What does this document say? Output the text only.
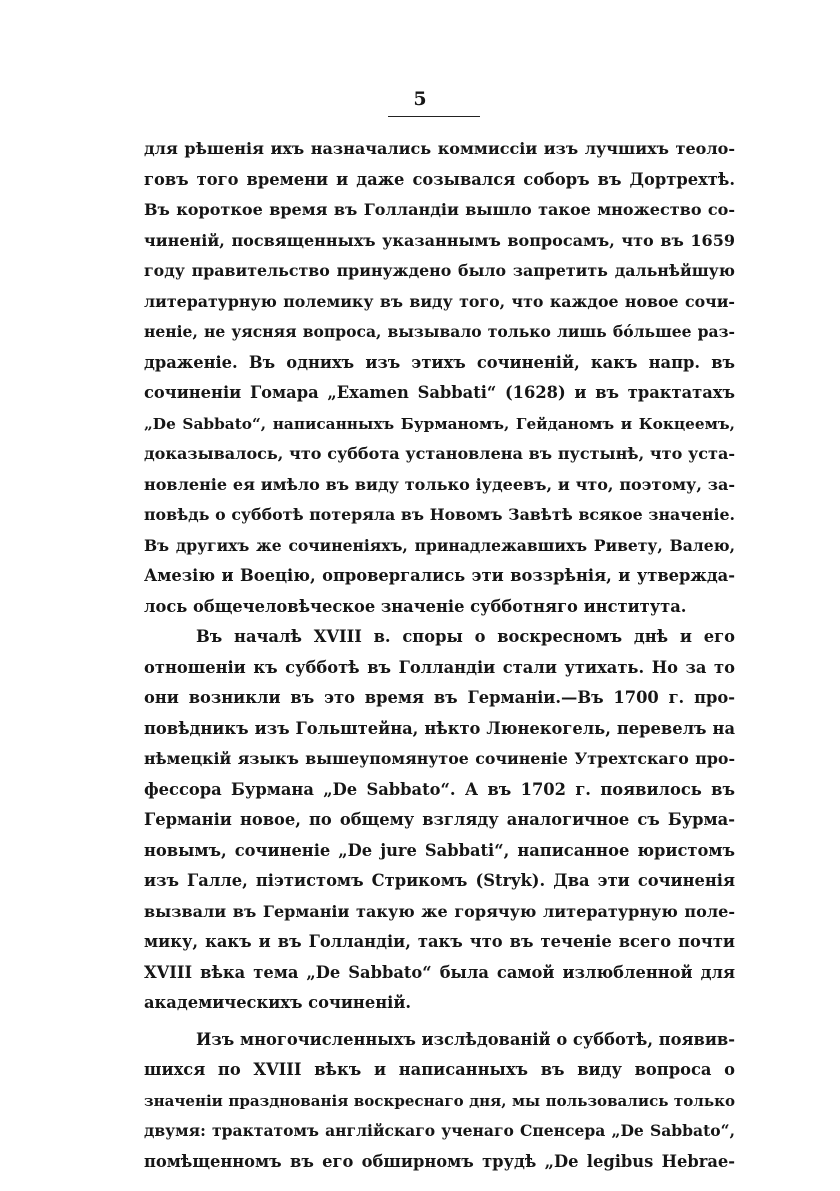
5
для рѣшенія ихъ назначались коммиссіи изъ лучшихъ теоло-
говъ того времени и даже созывался соборъ въ Дортрехтѣ.
Въ короткое время въ Голландіи вышло такое множество со-
чиненій, посвященныхъ указаннымъ вопросамъ, что въ 1659
году правительство принуждено было запретить дальнѣйшую
литературную полемику въ виду того, что каждое новое сочи-
неніе, не уясняя вопроса, вызывало только лишь бо́льшее раз-
драженіе. Въ однихъ изъ этихъ сочиненій, какъ напр. въ
сочиненіи Гомара „Examen Sabbati“ (1628) и въ трактатахъ
„De Sabbato“, написанныхъ Бурманомъ, Гейданомъ и Кокцеемъ,
доказывалось, что суббота установлена въ пустынѣ, что уста-
новленіе ея имѣло въ виду только іудеевъ, и что, поэтому, за-
повѣдь о субботѣ потеряла въ Новомъ Завѣтѣ всякое значеніе.
Въ другихъ же сочиненіяхъ, принадлежавшихъ Ривету, Валею,
Амезію и Воецію, опровергались эти воззрѣнія, и утвержда-
лось общечеловѣческое значеніе субботняго института.
Въ началѣ XVIII в. споры о воскресномъ днѣ и его
отношеніи къ субботѣ въ Голландіи стали утихать. Но за то
они возникли въ это время въ Германіи.—Въ 1700 г. про-
повѣдникъ изъ Гольштейна, нѣкто Люнекогель, перевелъ на
нѣмецкій языкъ вышеупомянутое сочиненіе Утрехтскаго про-
фессора Бурмана „De Sabbato“. А въ 1702 г. появилось въ
Германіи новое, по общему взгляду аналогичное съ Бурма-
новымъ, сочиненіе „De jure Sabbati“, написанное юристомъ
изъ Галле, піэтистомъ Стрикомъ (Stryk). Два эти сочиненія
вызвали въ Германіи такую же горячую литературную поле-
мику, какъ и въ Голландіи, такъ что въ теченіе всего почти
XVIII вѣка тема „De Sabbato“ была самой излюбленной для
академическихъ сочиненій.
Изъ многочисленныхъ изслѣдованій о субботѣ, появив-
шихся по XVIII вѣкъ и написанныхъ въ виду вопроса о
значеніи празднованія воскреснаго дня, мы пользовались только
двумя: трактатомъ англійскаго ученаго Спенсера „De Sabbato“,
помѣщенномъ въ его обширномъ трудѣ „De legibus Hebrae-
